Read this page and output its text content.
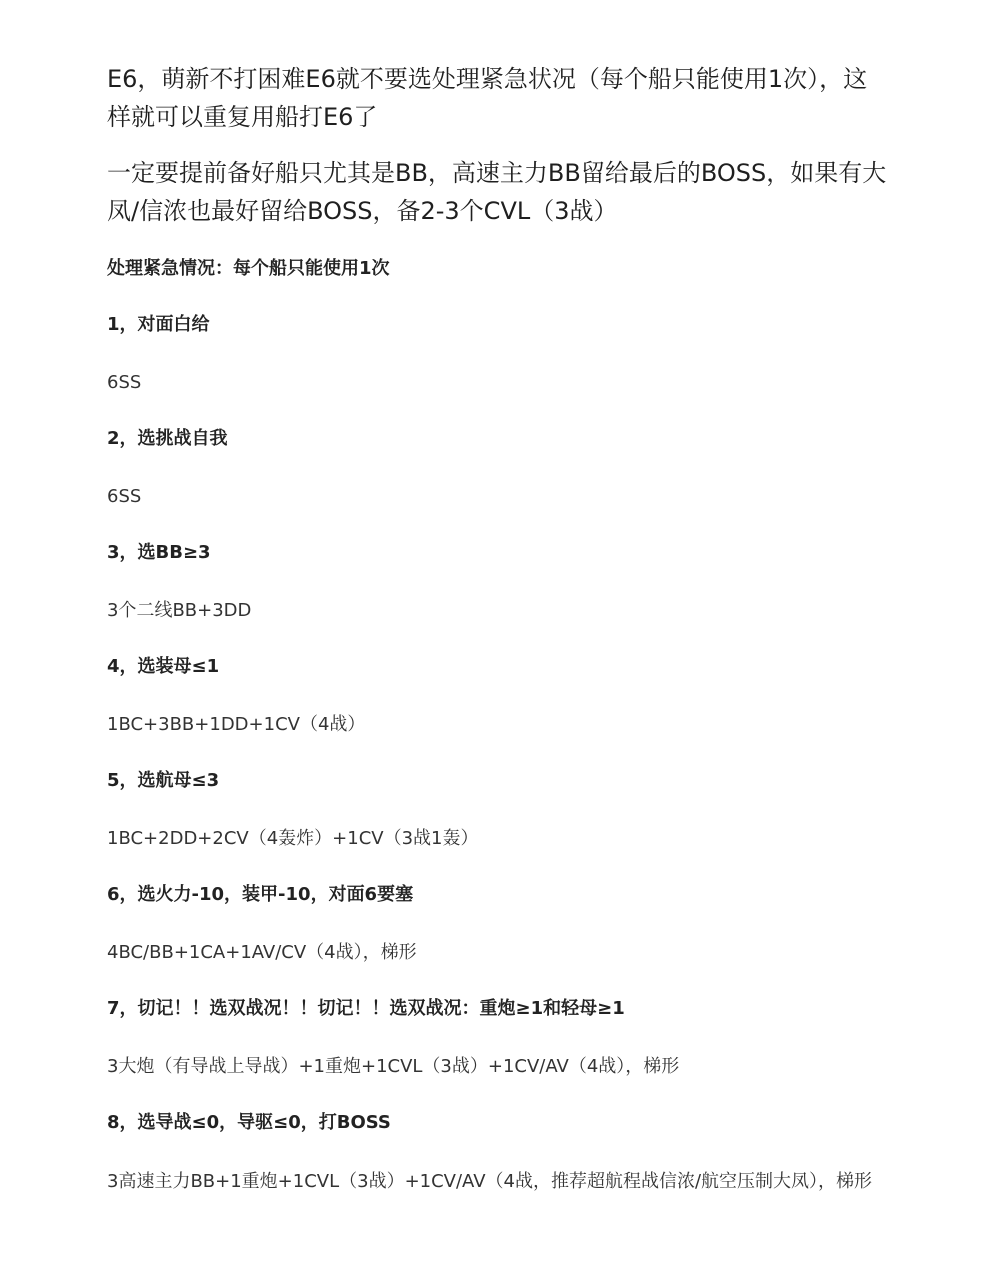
E6，萌新不打困难E6就不要选处理紧急状况（每个船只能使用1次），这样就可以重复用船打E6了

一定要提前备好船只尤其是BB，高速主力BB留给最后的BOSS，如果有大凤/信浓也最好留给BOSS，备2-3个CVL（3战）

处理紧急情况：每个船只能使用1次

1，对面白给

6SS

2，选挑战自我

6SS

3，选BB≥3

3个二线BB+3DD

4，选装母≤1

1BC+3BB+1DD+1CV（4战）

5，选航母≤3

1BC+2DD+2CV（4轰炸）+1CV（3战1轰）

6，选火力-10，装甲-10，对面6要塞

4BC/BB+1CA+1AV/CV（4战），梯形

7，切记！！选双战况！！切记！！选双战况：重炮≥1和轻母≥1

3大炮（有导战上导战）+1重炮+1CVL（3战）+1CV/AV（4战），梯形

8，选导战≤0，导驱≤0，打BOSS

3高速主力BB+1重炮+1CVL（3战）+1CV/AV（4战，推荐超航程战信浓/航空压制大凤），梯形
